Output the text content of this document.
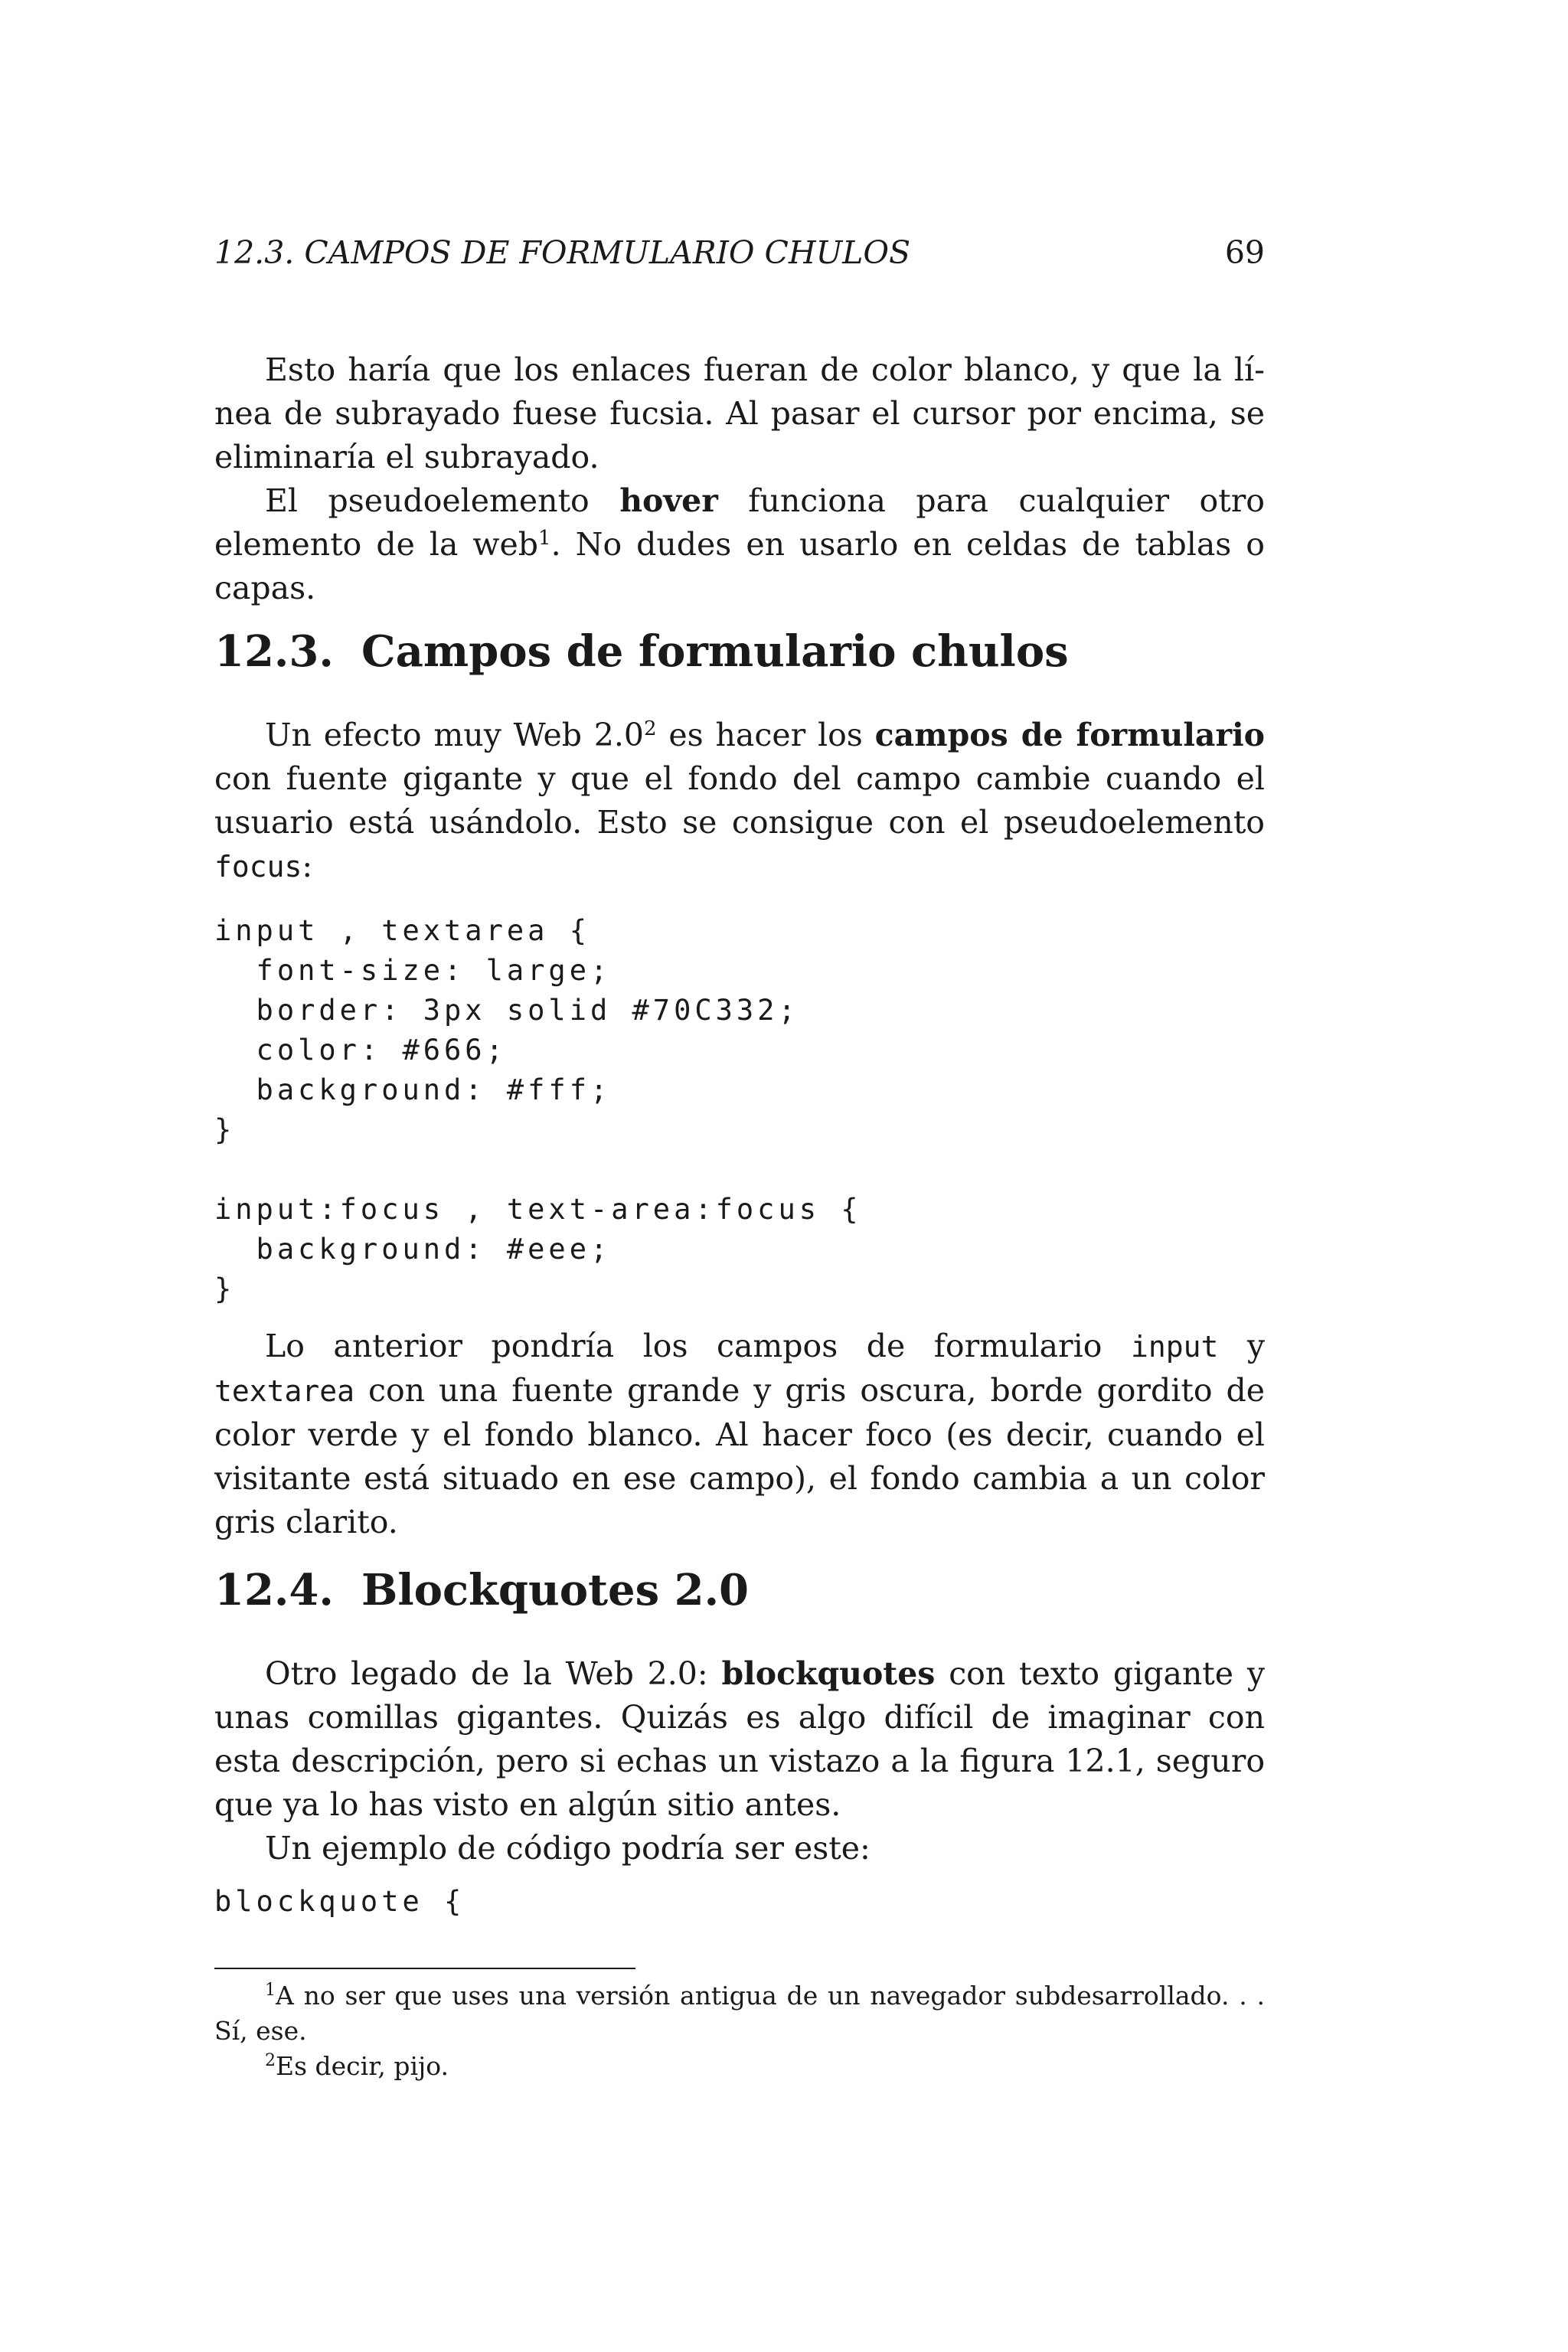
12.3. CAMPOS DE FORMULARIO CHULOS	69

Esto haría que los enlaces fueran de color blanco, y que la línea de subrayado fuese fucsia. Al pasar el cursor por encima, se eliminaría el subrayado.

El pseudoelemento hover funciona para cualquier otro elemento de la web$^1$. No dudes en usarlo en celdas de tablas o capas.

12.3. Campos de formulario chulos

Un efecto muy Web $2.0^2$ es hacer los campos de formulario con fuente gigante y que el fondo del campo cambie cuando el usuario está usándolo. Esto se consigue con el pseudoelemento focus:

input , textarea {
font-size: large;
border: 3px solid #70C332;
color: #666;
background: #fff;
}

input:focus , text-area:focus {
background: #eee;
}

Lo anterior pondría los campos de formulario input y textarea con una fuente grande y gris oscura, borde gordito de color verde y el fondo blanco. Al hacer foco (es decir, cuando el visitante está situado en ese campo), el fondo cambia a un color gris clarito.

12.4. Blockquotes 2.0

Otro legado de la Web 2.0: blockquotes con texto gigante y unas comillas gigantes. Quizás es algo difícil de imaginar con esta descripción, pero si echas un vistazo a la figura 12.1, seguro que ya lo has visto en algún sitio antes.

Un ejemplo de código podría ser este:

blockquote {

$^1$A no ser que uses una versión antigua de un navegador subdesarrollado. . . Sí, ese.

$^2$Es decir, pijo.
